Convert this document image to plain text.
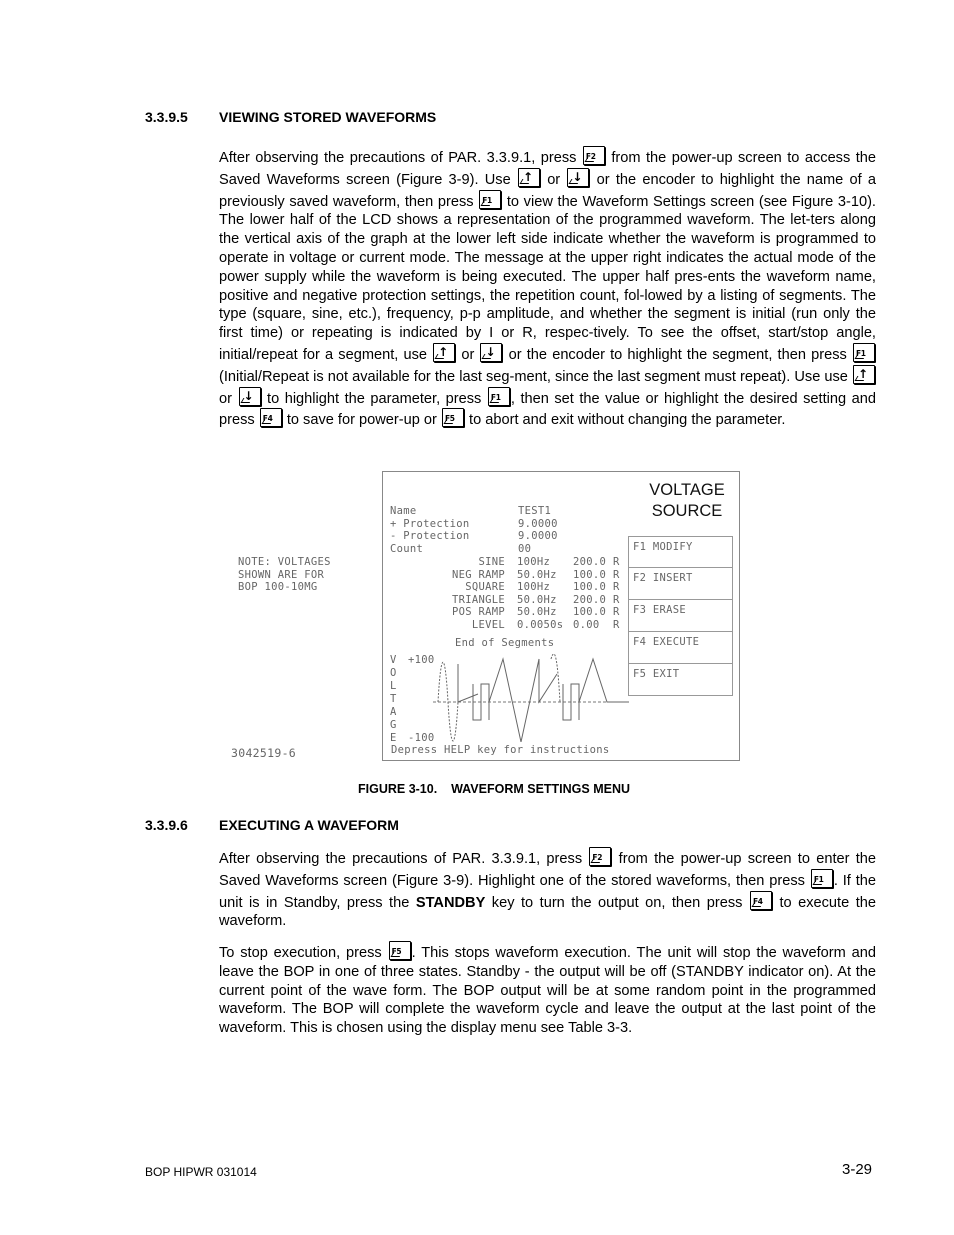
3.3.9.5 VIEWING STORED WAVEFORMS
After observing the precautions of PAR. 3.3.9.1, press F2 from the power-up screen to access the Saved Waveforms screen (Figure 3-9). Use ↑ or ↓ or the encoder to highlight the name of a previously saved waveform, then press F1 to view the Waveform Settings screen (see Figure 3-10). The lower half of the LCD shows a representation of the programmed waveform. The let-ters along the vertical axis of the graph at the lower left side indicate whether the waveform is programmed to operate in voltage or current mode. The message at the upper right indicates the actual mode of the power supply while the waveform is being executed. The upper half pres-ents the waveform name, positive and negative protection settings, the repetition count, fol-lowed by a listing of segments. The type (square, sine, etc.), frequency, p-p amplitude, and whether the segment is initial (run only the first time) or repeating is indicated by I or R, respec-tively. To see the offset, start/stop angle, initial/repeat for a segment, use ↑ or ↓ or the encoder to highlight the segment, then press F1
(Initial/Repeat is not available for the last seg-ment, since the last segment must repeat). Use use ↑
or ↓ to highlight the parameter, press F1 , then set the value or highlight the desired setting and press F4 to save for power-up or F5 to abort and exit without changing the parameter.
NOTE: VOLTAGES
SHOWN ARE FOR
BOP 100-10MG
3042519-6
VOLTAGE
SOURCE
Name	TEST1
+ Protection	9.0000
- Protection	9.0000
Count	00
SINE 100Hz 200.0 R
NEG RAMP 50.0Hz 100.0 R
SQUARE 100Hz 100.0 R
TRIANGLE 50.0Hz 200.0 R
POS RAMP 50.0Hz 100.0 R
LEVEL 0.0050s 0.00 R
End of Segments
F1 MODIFY
F2 INSERT
F3 ERASE
F4 EXECUTE
F5 EXIT
V
O
L
T
A
G
E
+100
-100
Depress HELP key for instructions
FIGURE 3-10.    WAVEFORM SETTINGS MENU
3.3.9.6 EXECUTING A WAVEFORM
After observing the precautions of PAR. 3.3.9.1, press F2 from the power-up screen to enter the Saved Waveforms screen (Figure 3-9). Highlight one of the stored waveforms, then press F1 . If the unit is in Standby, press the STANDBY key to turn the output on, then press F4 to execute the waveform.
To stop execution, press F5 . This stops waveform execution. The unit will stop the waveform and leave the BOP in one of three states. Standby - the output will be off (STANDBY indicator on). At the current point of the wave form. The BOP output will be at some random point in the programmed waveform. The BOP will complete the waveform cycle and leave the output at the last point of the waveform. This is chosen using the display menu see Table 3-3.
BOP HIPWR 031014	3-29
